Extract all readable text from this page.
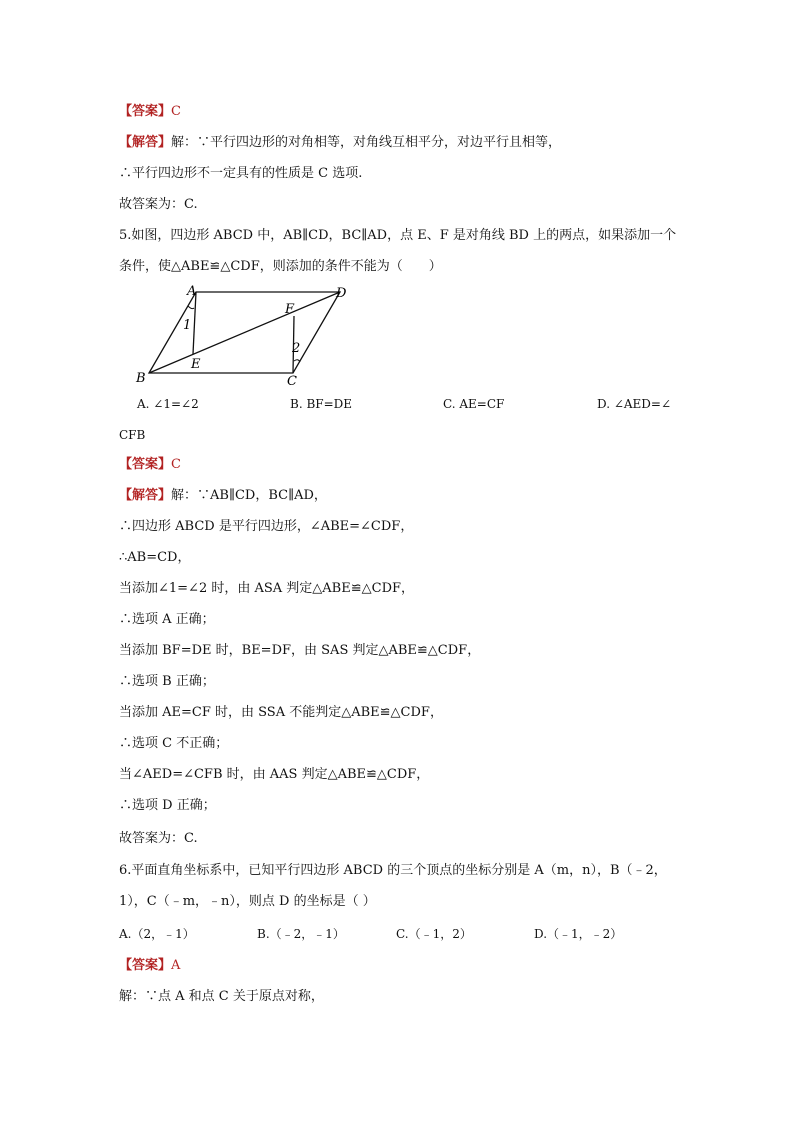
【答案】C
【解答】解：∵平行四边形的对角相等，对角线互相平分，对边平行且相等，
∴平行四边形不一定具有的性质是 C 选项.
故答案为：C.
5.如图，四边形 ABCD 中，AB∥CD，BC∥AD，点 E、F 是对角线 BD 上的两点，如果添加一个
条件，使△ABE≌△CDF，则添加的条件不能为（　　）
A	D
F
1
2
E
B	C
A. ∠1=∠2	B. BF=DE	C. AE=CF	D. ∠AED=∠
CFB
【答案】C
【解答】解：∵AB∥CD，BC∥AD，
∴四边形 ABCD 是平行四边形，∠ABE=∠CDF，
∴AB=CD，
当添加∠1=∠2 时，由 ASA 判定△ABE≌△CDF，
∴选项 A 正确；
当添加 BF=DE 时，BE=DF，由 SAS 判定△ABE≌△CDF，
∴选项 B 正确；
当添加 AE=CF 时，由 SSA 不能判定△ABE≌△CDF，
∴选项 C 不正确；
当∠AED=∠CFB 时，由 AAS 判定△ABE≌△CDF，
∴选项 D 正确；
故答案为：C.
6.平面直角坐标系中，已知平行四边形 ABCD 的三个顶点的坐标分别是 A（m，n），B（﹣2，
1），C（﹣m，﹣n），则点 D 的坐标是（ ）
A.（2，﹣1）	B.（﹣2，﹣1）	C.（﹣1，2）	D.（﹣1，﹣2）
【答案】A
解：∵点 A 和点 C 关于原点对称，
